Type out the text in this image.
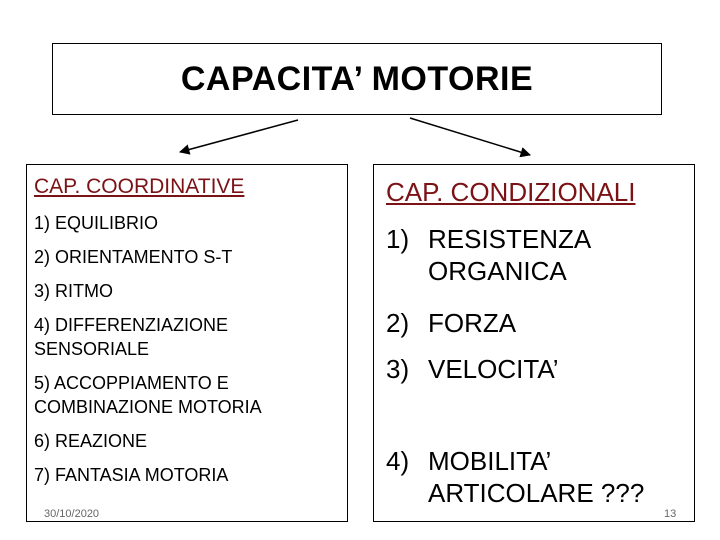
CAPACITA’ MOTORIE
CAP. COORDINATIVE
1) EQUILIBRIO
2) ORIENTAMENTO S-T
3) RITMO
4) DIFFERENZIAZIONE SENSORIALE
5) ACCOPPIAMENTO E COMBINAZIONE MOTORIA
6) REAZIONE
7) FANTASIA MOTORIA
CAP. CONDIZIONALI
1) RESISTENZA ORGANICA
2) FORZA
3) VELOCITA’
4) MOBILITA’ ARTICOLARE ???
30/10/2020	13
